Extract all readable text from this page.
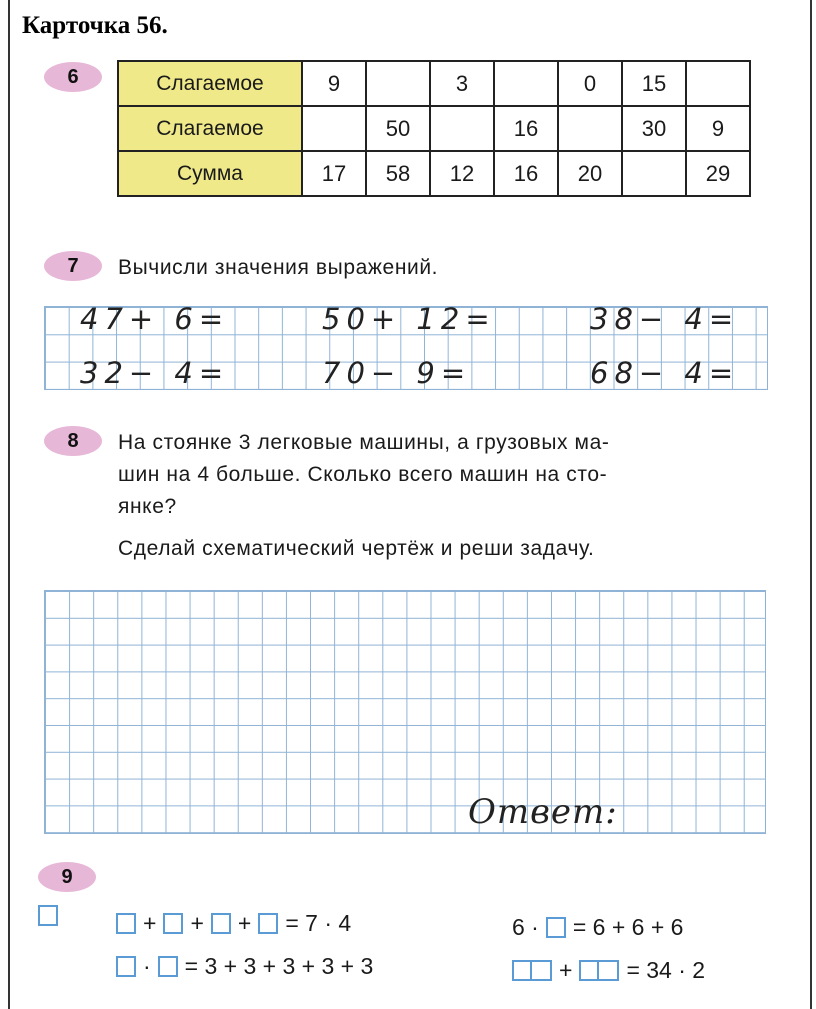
Карточка 56.
6	Слагаемое	9		3		0	15	
Слагаемое		50		16		30	9
Сумма	17	58	12	16	20		29
7	Вычисли значения выражений.
47+ 6=	50+ 12=	38− 4=
32− 4=	70− 9=	68− 4=
8	На стоянке 3 легковые машины, а грузовых ма-
шин на 4 больше. Сколько всего машин на сто-
янке?
Сделай схематический чертёж и реши задачу.
Ответ:
9
+ + + = 7 · 4
· = 3 + 3 + 3 + 3 + 3
6 · = 6 + 6 + 6
+ = 34 · 2
